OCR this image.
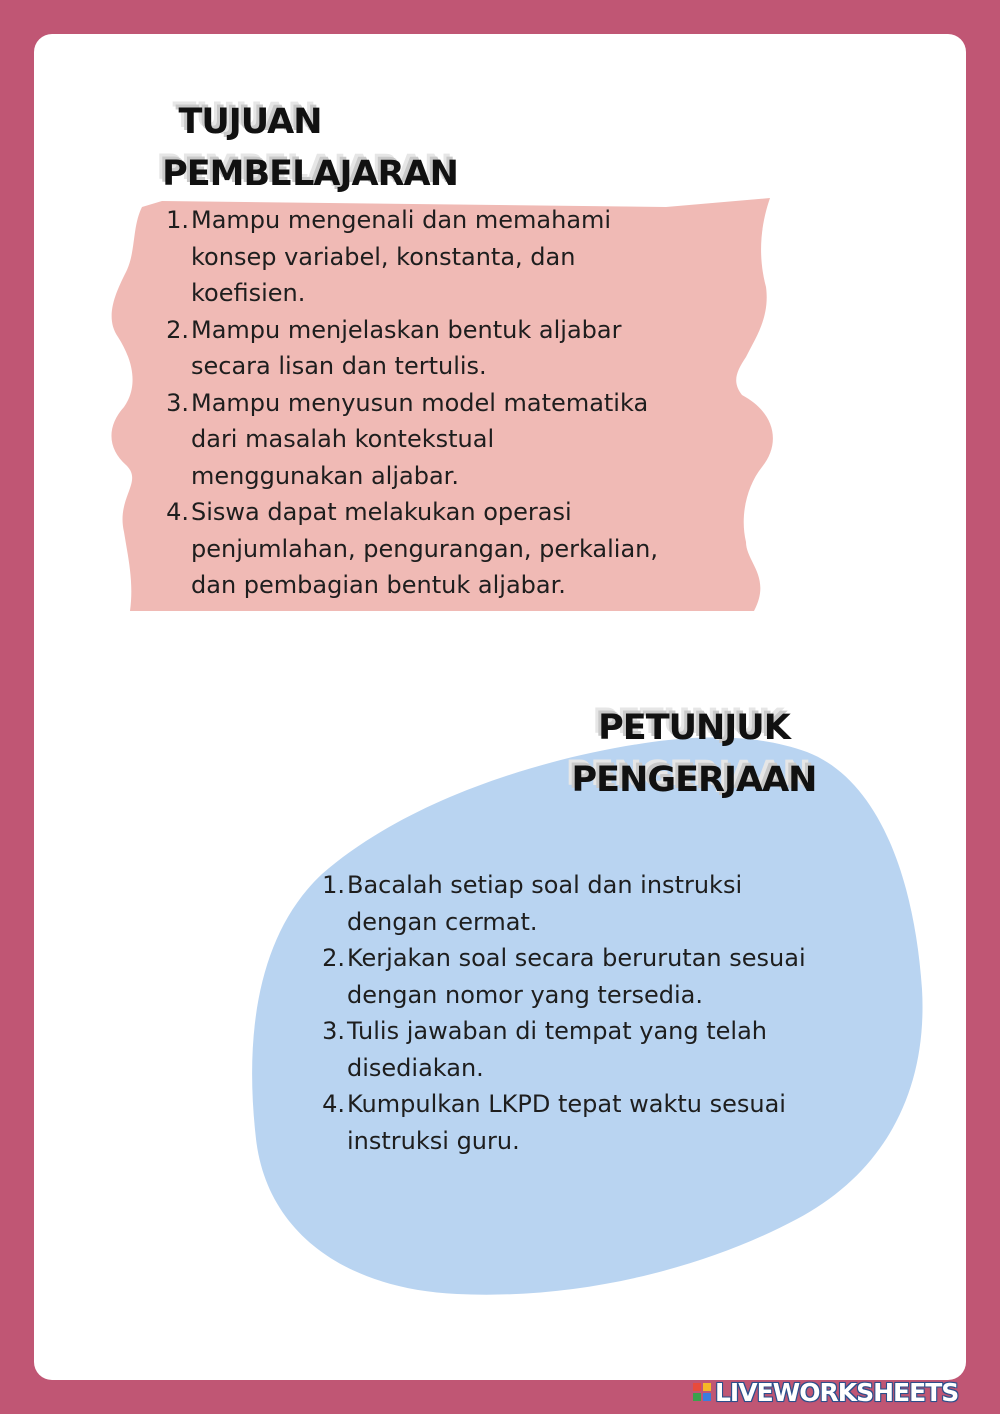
TUJUAN
PEMBELAJARAN
1. Mampu mengenali dan memahami
konsep variabel, konstanta, dan
koefisien.
2. Mampu menjelaskan bentuk aljabar
secara lisan dan tertulis.
3. Mampu menyusun model matematika
dari masalah kontekstual
menggunakan aljabar.
4. Siswa dapat melakukan operasi
penjumlahan, pengurangan, perkalian,
dan pembagian bentuk aljabar.
PETUNJUK
PENGERJAAN
1. Bacalah setiap soal dan instruksi
dengan cermat.
2. Kerjakan soal secara berurutan sesuai
dengan nomor yang tersedia.
3. Tulis jawaban di tempat yang telah
disediakan.
4. Kumpulkan LKPD tepat waktu sesuai
instruksi guru.
LIVEWORKSHEETS
